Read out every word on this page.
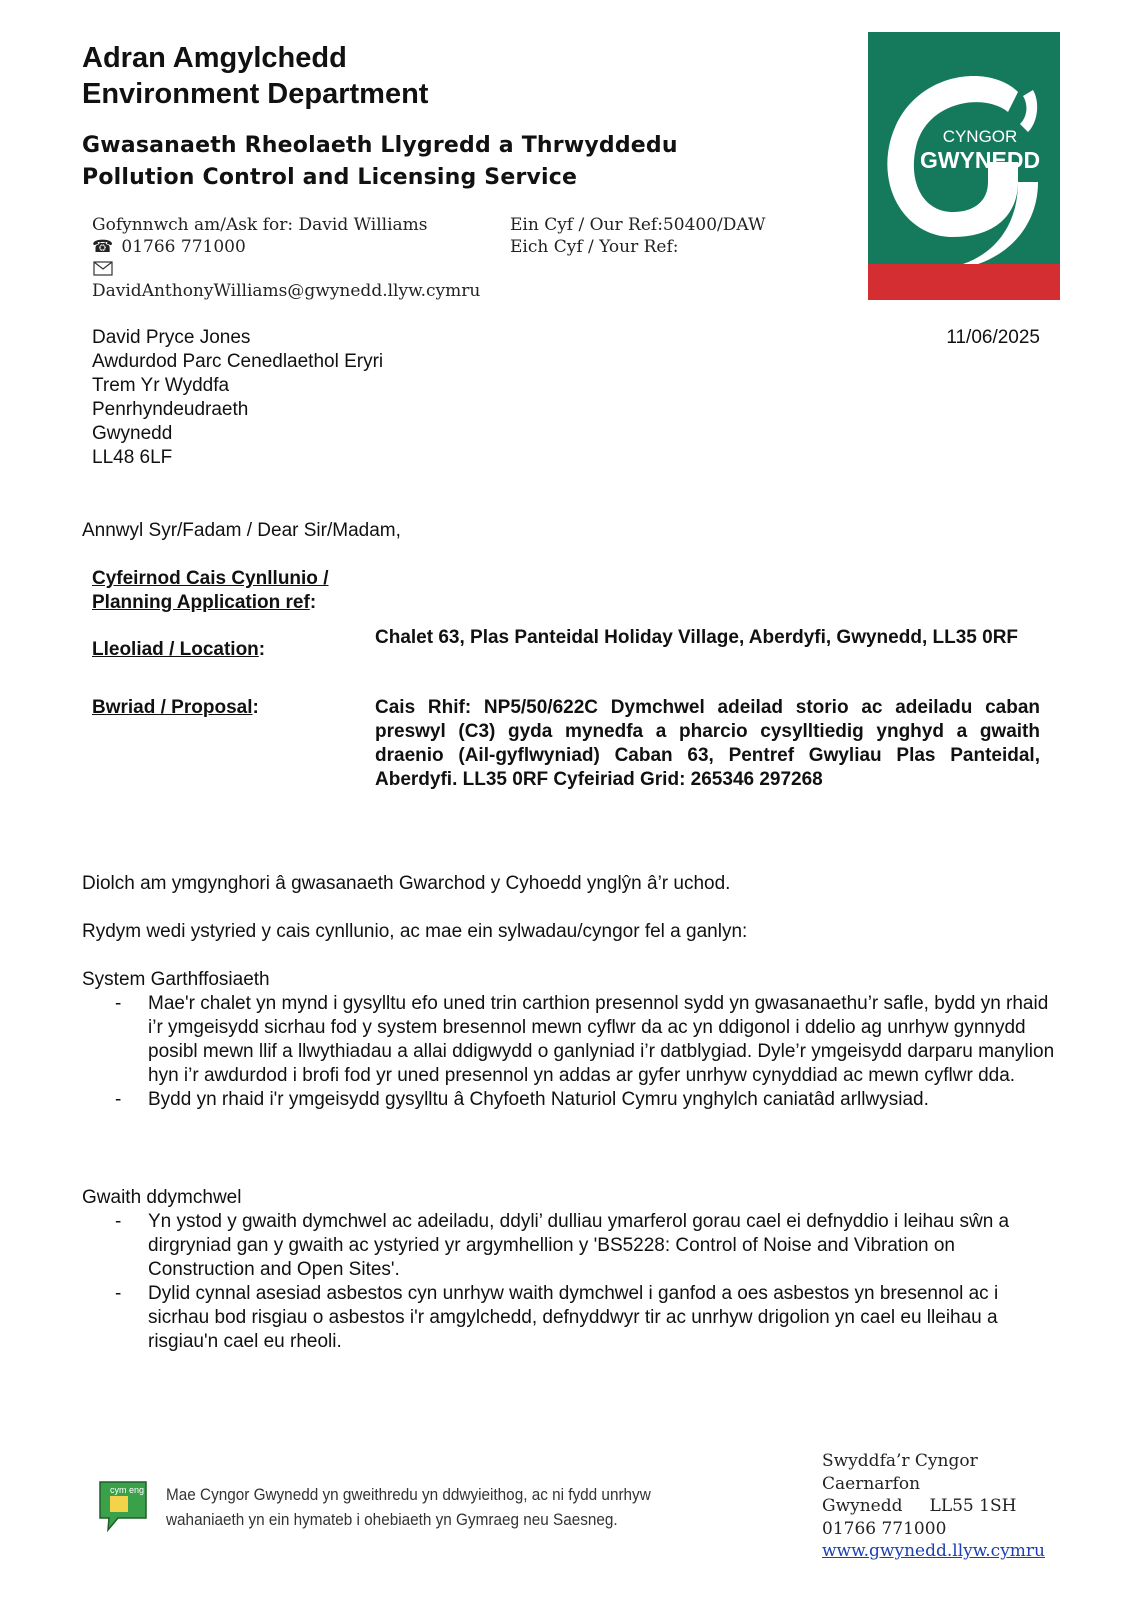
Adran Amgylchedd
Environment Department
Gwasanaeth Rheolaeth Llygredd a Thrwyddedu
Pollution Control and Licensing Service
CYNGOR
GWYNEDD
Gofynnwch am/Ask for: David Williams
☎ 01766 771000
DavidAnthonyWilliams@gwynedd.llyw.cymru
Ein Cyf / Our Ref:50400/DAW
Eich Cyf / Your Ref:
David Pryce Jones
Awdurdod Parc Cenedlaethol Eryri
Trem Yr Wyddfa
Penrhyndeudraeth
Gwynedd
LL48 6LF
11/06/2025
Annwyl Syr/Fadam / Dear Sir/Madam,
Cyfeirnod Cais Cynllunio /
Planning Application ref:
Lleoliad / Location:
Chalet 63, Plas Panteidal Holiday Village, Aberdyfi, Gwynedd, LL35 0RF
Bwriad / Proposal:	Cais Rhif: NP5/50/622C Dymchwel adeilad storio ac adeiladu caban preswyl (C3) gyda mynedfa a pharcio cysylltiedig ynghyd a gwaith draenio (Ail-gyflwyniad) Caban 63, Pentref Gwyliau Plas Panteidal, Aberdyfi. LL35 0RF Cyfeiriad Grid: 265346 297268
Diolch am ymgynghori â gwasanaeth Gwarchod y Cyhoedd ynglŷn â’r uchod.
Rydym wedi ystyried y cais cynllunio, ac mae ein sylwadau/cyngor fel a ganlyn:
System Garthffosiaeth
- Mae'r chalet yn mynd i gysylltu efo uned trin carthion presennol sydd yn gwasanaethu’r safle, bydd yn rhaid i’r ymgeisydd sicrhau fod y system bresennol mewn cyflwr da ac yn ddigonol i ddelio ag unrhyw gynnydd posibl mewn llif a llwythiadau a allai ddigwydd o ganlyniad i’r datblygiad. Dyle’r ymgeisydd darparu manylion hyn i’r awdurdod i brofi fod yr uned presennol yn addas ar gyfer unrhyw cynyddiad ac mewn cyflwr dda.
- Bydd yn rhaid i'r ymgeisydd gysylltu â Chyfoeth Naturiol Cymru ynghylch caniatâd arllwysiad.
Gwaith ddymchwel
- Yn ystod y gwaith dymchwel ac adeiladu, ddyli’ dulliau ymarferol gorau cael ei defnyddio i leihau sŵn a dirgryniad gan y gwaith ac ystyried yr argymhellion y 'BS5228: Control of Noise and Vibration on Construction and Open Sites'.
- Dylid cynnal asesiad asbestos cyn unrhyw waith dymchwel i ganfod a oes asbestos yn bresennol ac i sicrhau bod risgiau o asbestos i'r amgylchedd, defnyddwyr tir ac unrhyw drigolion yn cael eu lleihau a risgiau'n cael eu rheoli.
cym eng Mae Cyngor Gwynedd yn gweithredu yn ddwyieithog, ac ni fydd unrhyw
wahaniaeth yn ein hymateb i ohebiaeth yn Gymraeg neu Saesneg.
Swyddfa’r Cyngor
Caernarfon
Gwynedd     LL55 1SH
01766 771000
www.gwynedd.llyw.cymru
